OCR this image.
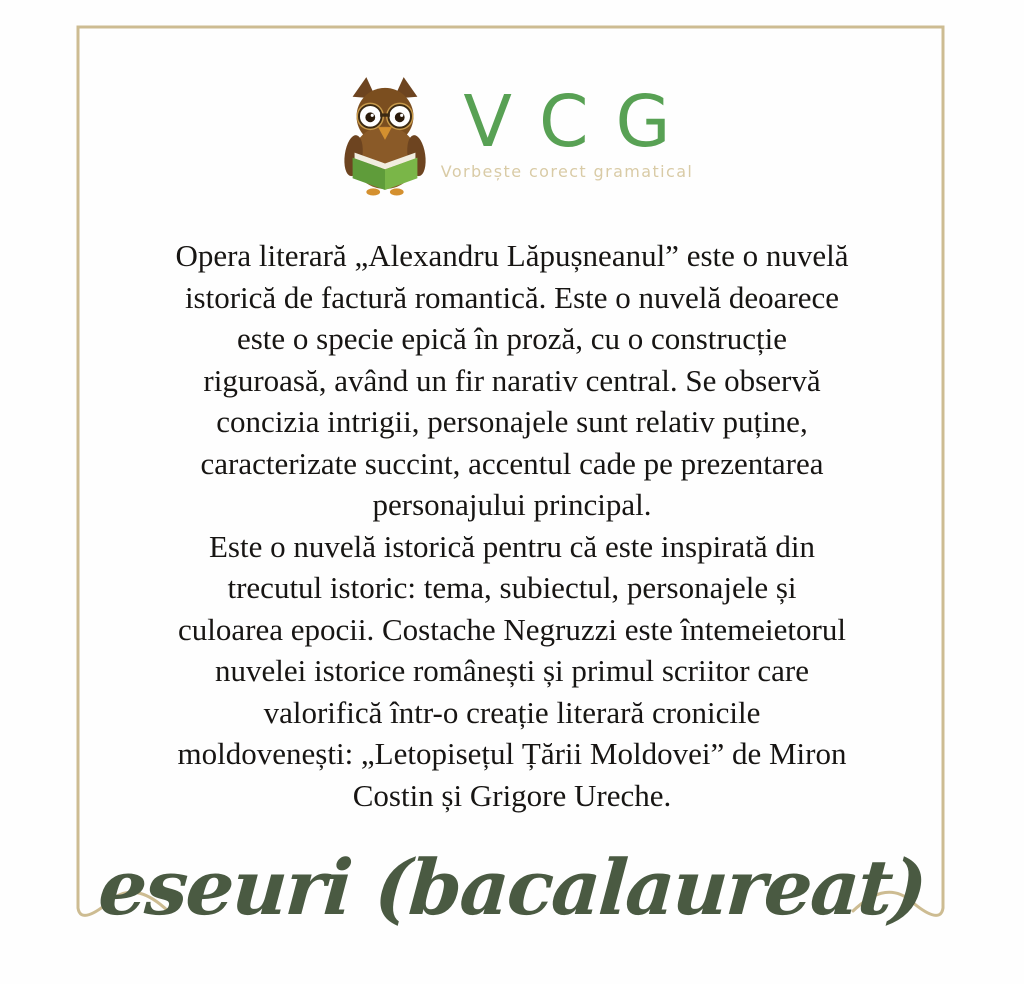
VCG
Vorbește corect gramatical
Opera literară „Alexandru Lăpușneanul” este o nuvelă
istorică de factură romantică. Este o nuvelă deoarece
este o specie epică în proză, cu o construcție
riguroasă, având un fir narativ central. Se observă
concizia intrigii, personajele sunt relativ puține,
caracterizate succint, accentul cade pe prezentarea
personajului principal.
Este o nuvelă istorică pentru că este inspirată din
trecutul istoric: tema, subiectul, personajele și
culoarea epocii. Costache Negruzzi este întemeietorul
nuvelei istorice românești și primul scriitor care
valorifică într-o creație literară cronicile
moldovenești: „Letopisețul Țării Moldovei” de Miron
Costin și Grigore Ureche.
eseuri (bacalaureat)
